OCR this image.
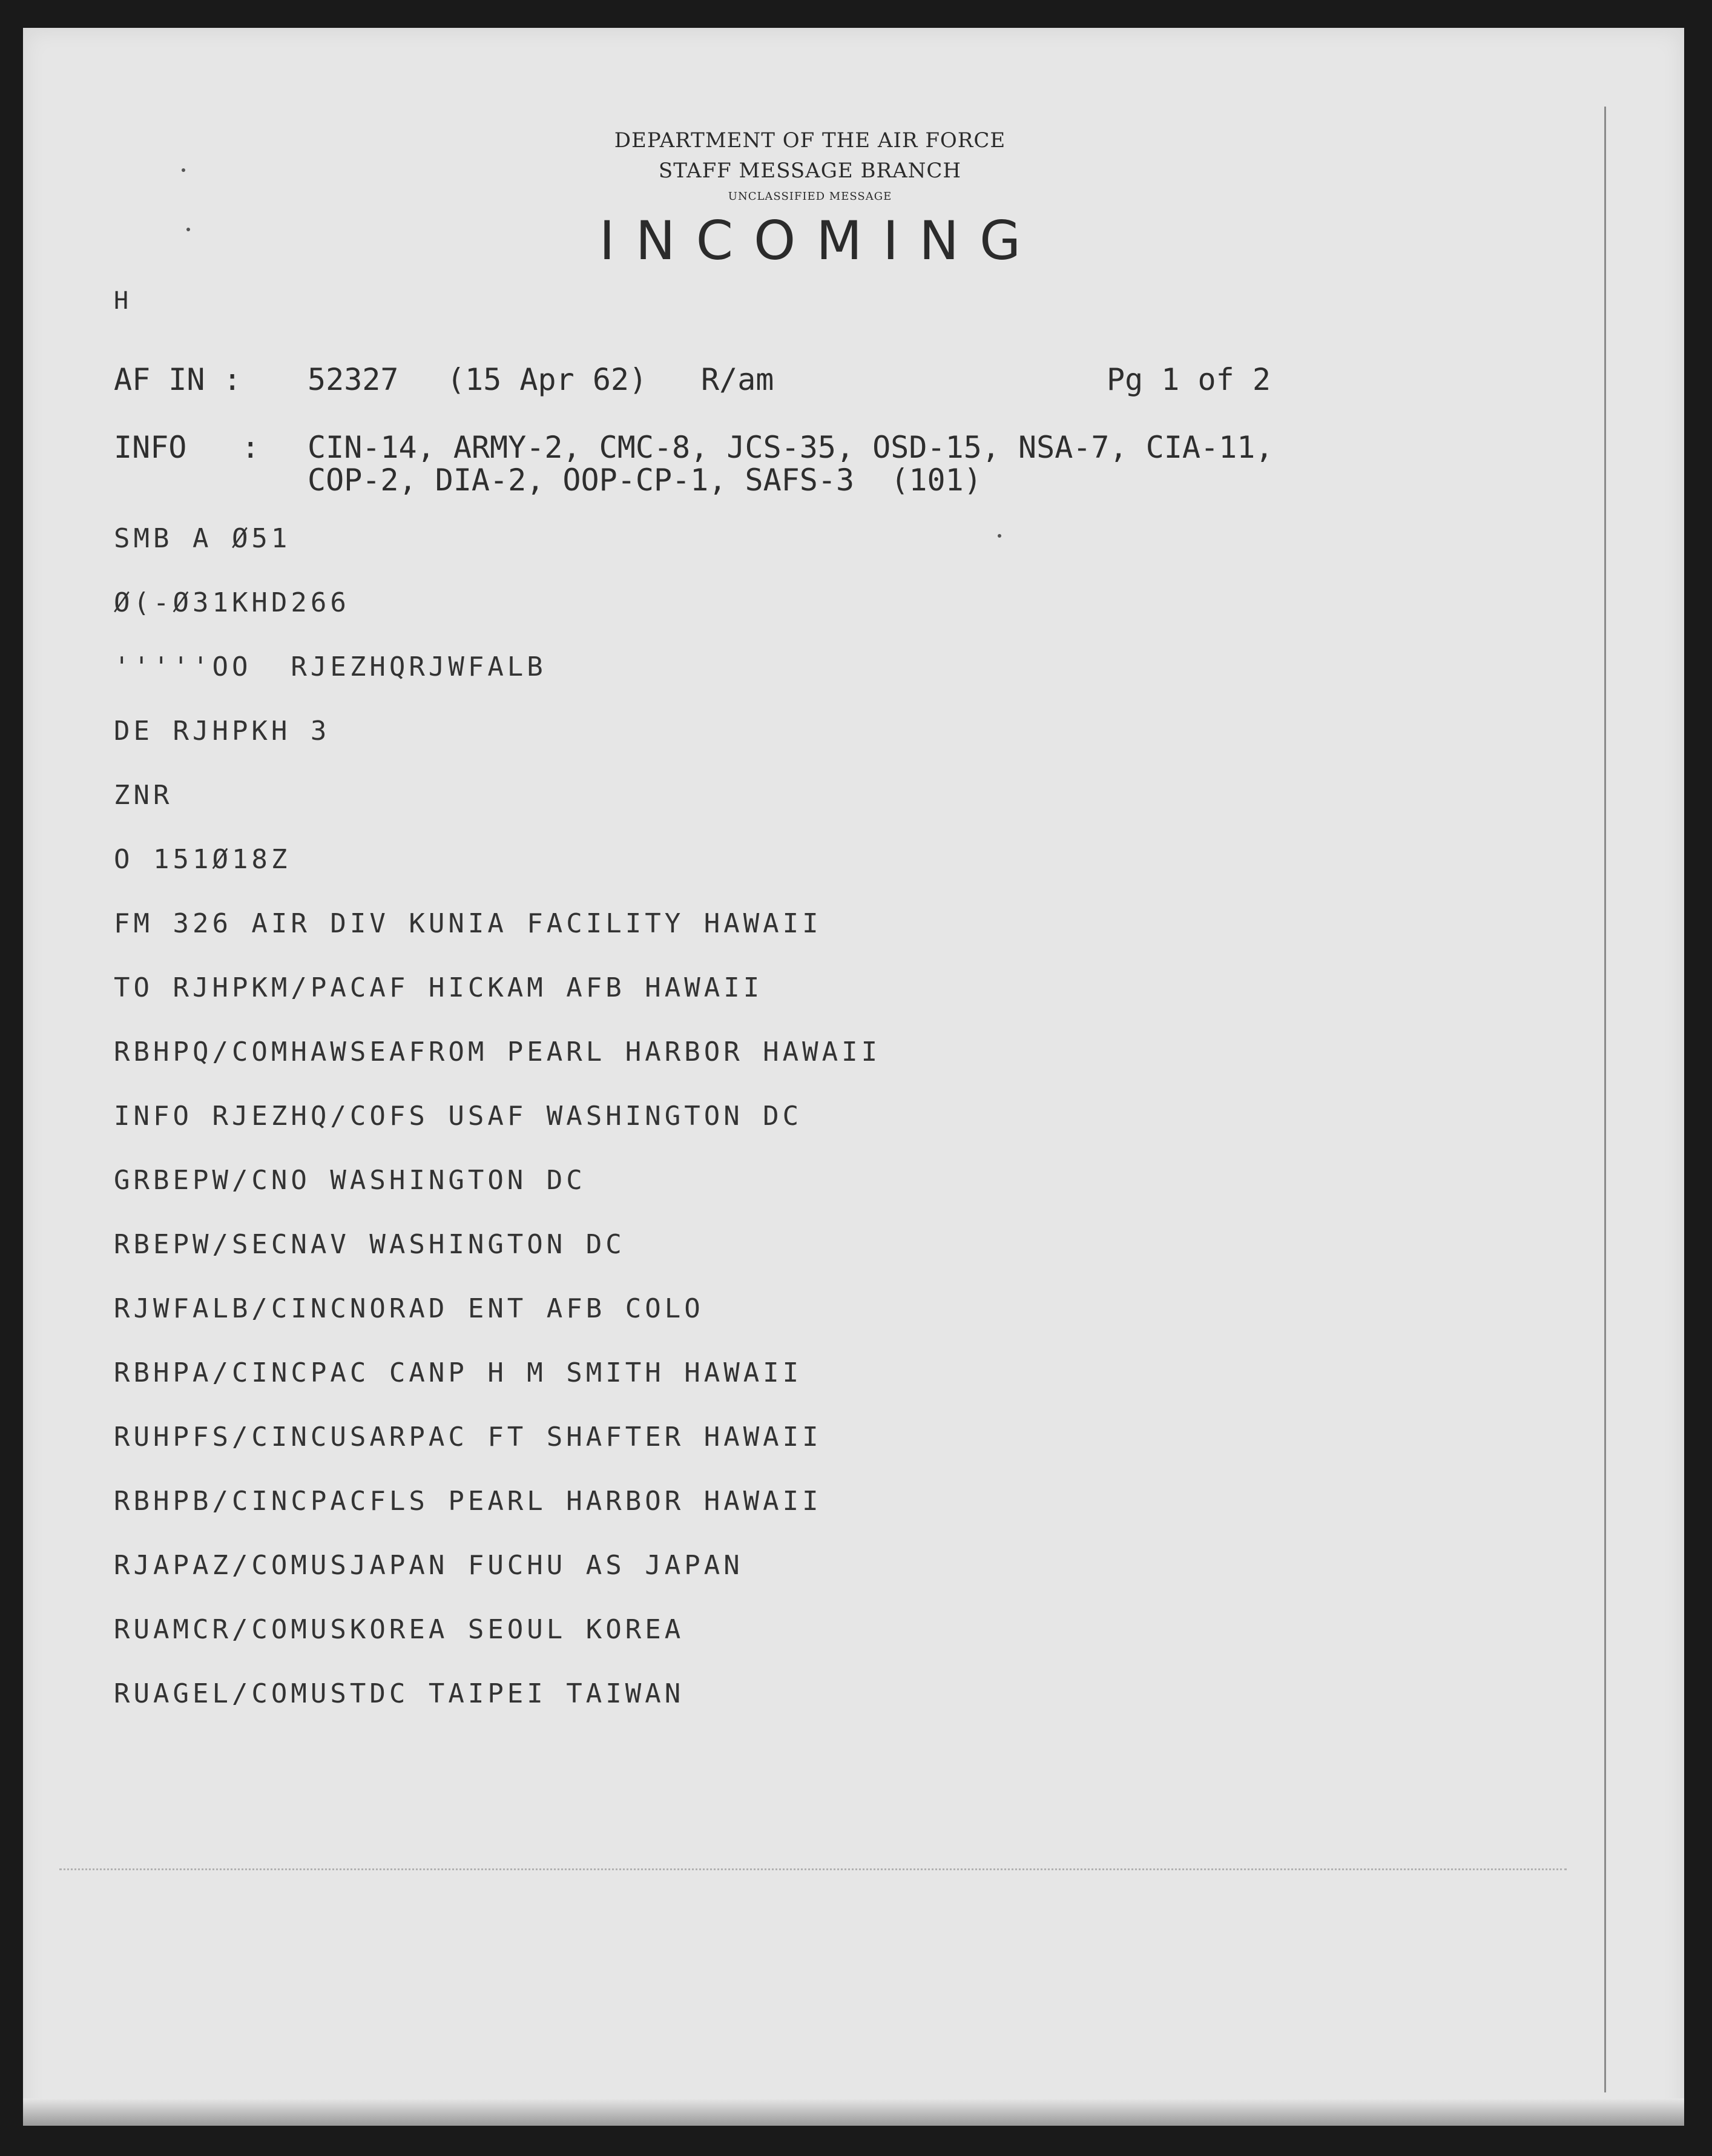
DEPARTMENT OF THE AIR FORCE
STAFF MESSAGE BRANCH
UNCLASSIFIED MESSAGE
INCOMING
H
AF IN : 52327 (15 Apr 62) R/am	Pg 1 of 2
INFO   : CIN-14, ARMY-2, CMC-8, JCS-35, OSD-15, NSA-7, CIA-11,
COP-2, DIA-2, OOP-CP-1, SAFS-3  (101)
SMB A Ø51
Ø(-Ø31KHD266
'''''OO  RJEZHQRJWFALB
DE RJHPKH 3
ZNR
O 151Ø18Z
FM 326 AIR DIV KUNIA FACILITY HAWAII
TO RJHPKM/PACAF HICKAM AFB HAWAII
RBHPQ/COMHAWSEAFROM PEARL HARBOR HAWAII
INFO RJEZHQ/COFS USAF WASHINGTON DC
GRBEPW/CNO WASHINGTON DC
RBEPW/SECNAV WASHINGTON DC
RJWFALB/CINCNORAD ENT AFB COLO
RBHPA/CINCPAC CANP H M SMITH HAWAII
RUHPFS/CINCUSARPAC FT SHAFTER HAWAII
RBHPB/CINCPACFLS PEARL HARBOR HAWAII
RJAPAZ/COMUSJAPAN FUCHU AS JAPAN
RUAMCR/COMUSKOREA SEOUL KOREA
RUAGEL/COMUSTDC TAIPEI TAIWAN
